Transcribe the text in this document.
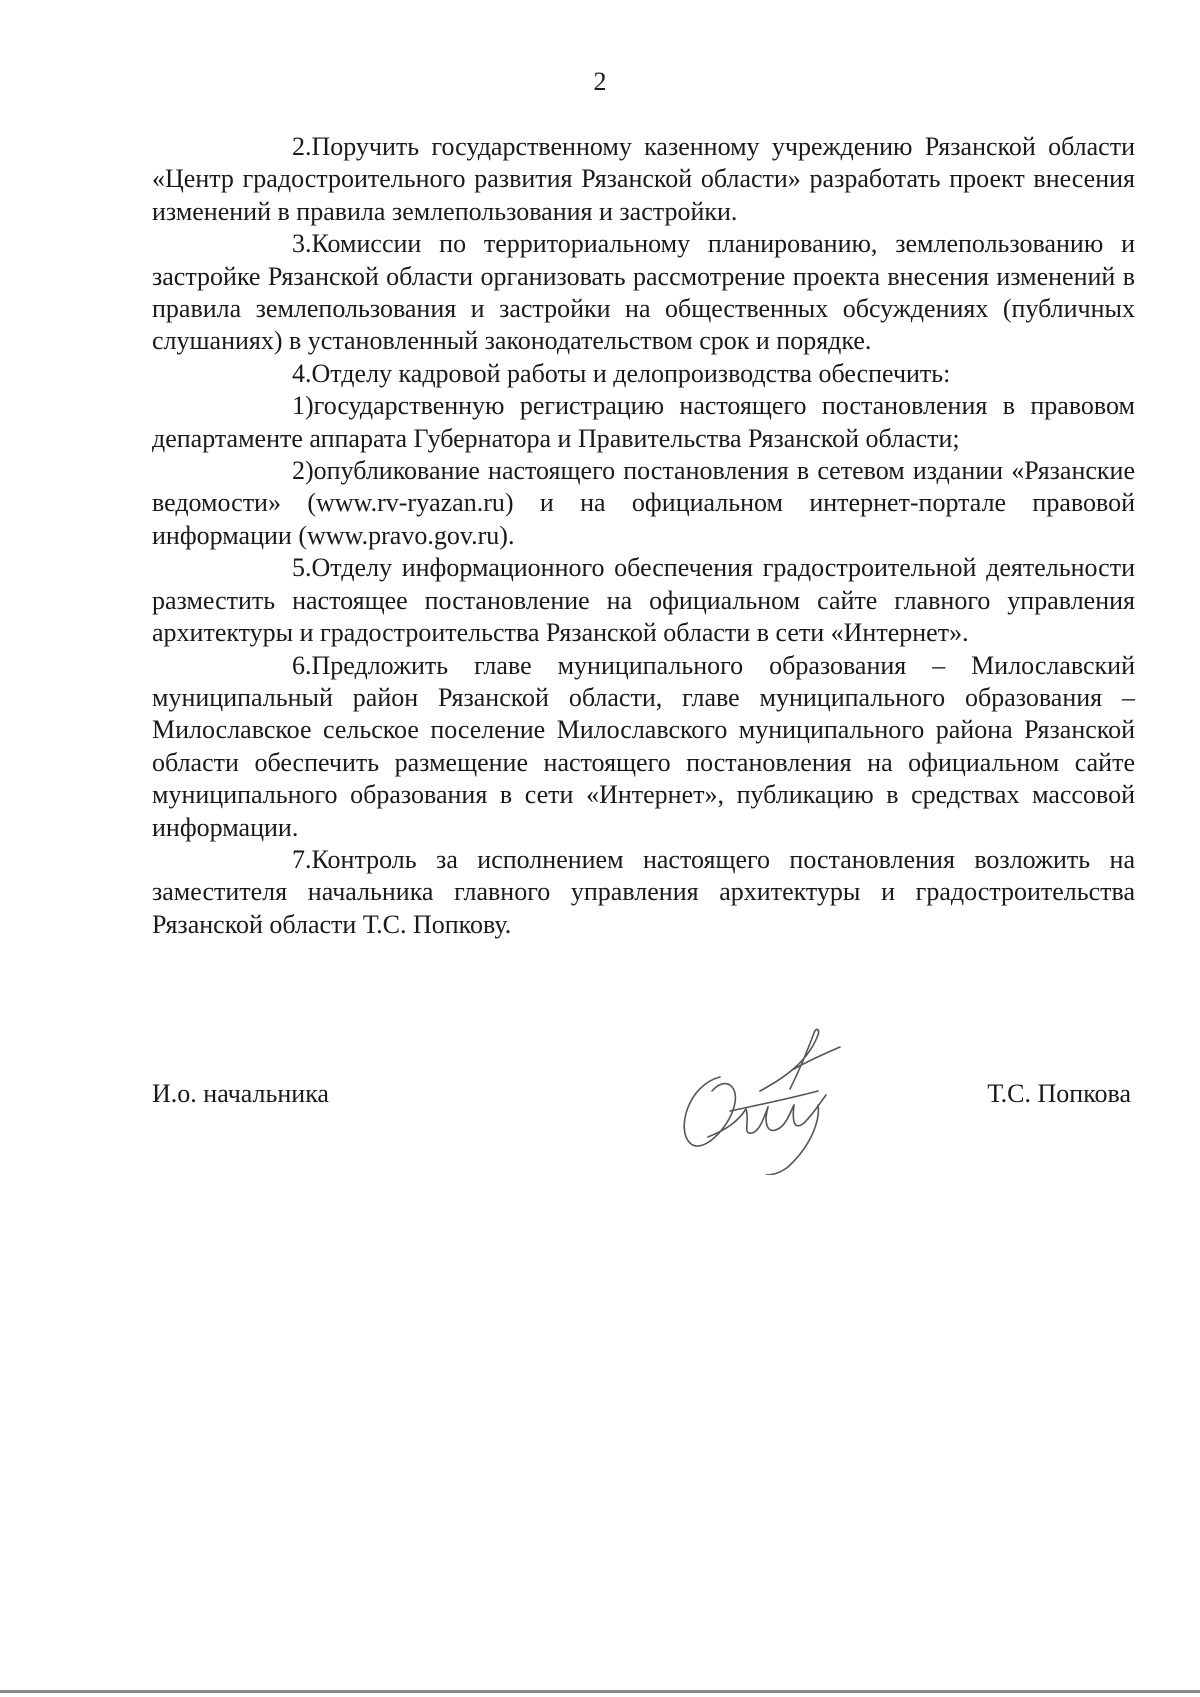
2

2.Поручить государственному казенному учреждению Рязанской области «Центр градостроительного развития Рязанской области» разработать проект внесения изменений в правила землепользования и застройки.

3.Комиссии по территориальному планированию, землепользованию и застройке Рязанской области организовать рассмотрение проекта внесения изменений в правила землепользования и застройки на общественных обсуждениях (публичных слушаниях) в установленный законодательством срок и порядке.

4.Отделу кадровой работы и делопроизводства обеспечить:

1)государственную регистрацию настоящего постановления в правовом департаменте аппарата Губернатора и Правительства Рязанской области;

2)опубликование настоящего постановления в сетевом издании «Рязанские ведомости» (www.rv-ryazan.ru) и на официальном интернет-портале правовой информации (www.pravo.gov.ru).

5.Отделу информационного обеспечения градостроительной деятельности разместить настоящее постановление на официальном сайте главного управления архитектуры и градостроительства Рязанской области в сети «Интернет».

6.Предложить главе муниципального образования – Милославский муниципальный район Рязанской области, главе муниципального образования – Милославское сельское поселение Милославского муниципального района Рязанской области обеспечить размещение настоящего постановления на официальном сайте муниципального образования в сети «Интернет», публикацию в средствах массовой информации.

7.Контроль за исполнением настоящего постановления возложить на заместителя начальника главного управления архитектуры и градостроительства Рязанской области Т.С. Попкову.

И.о. начальника	Т.С. Попкова
